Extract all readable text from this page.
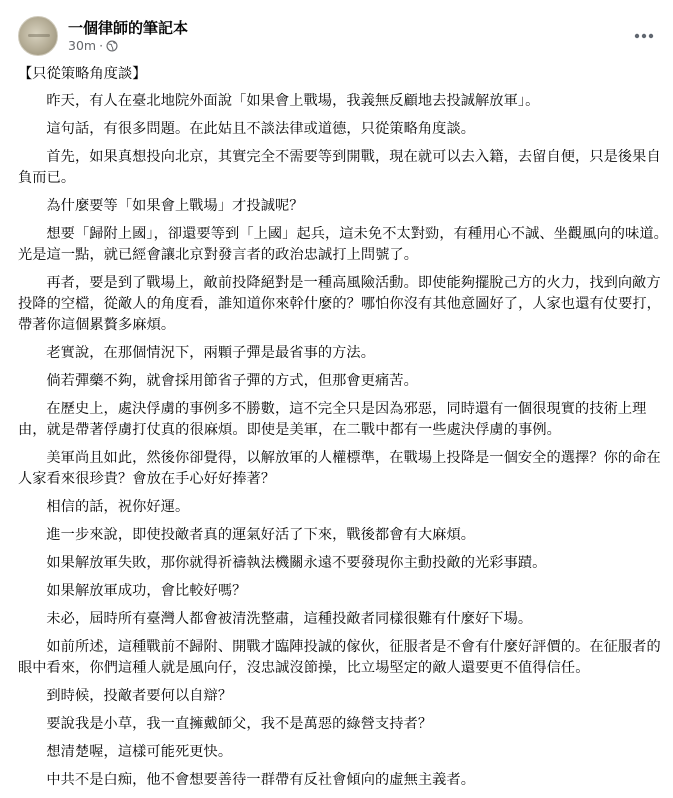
一個律師的筆記本
30m ·

【只從策略角度談】

昨天，有人在臺北地院外面說「如果會上戰場，我義無反顧地去投誠解放軍」。

這句話，有很多問題。在此姑且不談法律或道德，只從策略角度談。

首先，如果真想投向北京，其實完全不需要等到開戰，現在就可以去入籍，去留自便，只是後果自負而已。

為什麼要等「如果會上戰場」才投誠呢？

想要「歸附上國」，卻還要等到「上國」起兵，這未免不太對勁，有種用心不誠、坐觀風向的味道。光是這一點，就已經會讓北京對發言者的政治忠誠打上問號了。

再者，要是到了戰場上，敵前投降絕對是一種高風險活動。即使能夠擺脫己方的火力，找到向敵方投降的空檔，從敵人的角度看，誰知道你來幹什麼的？哪怕你沒有其他意圖好了，人家也還有仗要打，帶著你這個累贅多麻煩。

老實說，在那個情況下，兩顆子彈是最省事的方法。

倘若彈藥不夠，就會採用節省子彈的方式，但那會更痛苦。

在歷史上，處決俘虜的事例多不勝數，這不完全只是因為邪惡，同時還有一個很現實的技術上理由，就是帶著俘虜打仗真的很麻煩。即使是美軍，在二戰中都有一些處決俘虜的事例。

美軍尚且如此，然後你卻覺得，以解放軍的人權標準，在戰場上投降是一個安全的選擇？你的命在人家看來很珍貴？會放在手心好好捧著？

相信的話，祝你好運。

進一步來說，即使投敵者真的運氣好活了下來，戰後都會有大麻煩。

如果解放軍失敗，那你就得祈禱執法機關永遠不要發現你主動投敵的光彩事蹟。

如果解放軍成功，會比較好嗎？

未必，屆時所有臺灣人都會被清洗整肅，這種投敵者同樣很難有什麼好下場。

如前所述，這種戰前不歸附、開戰才臨陣投誠的傢伙，征服者是不會有什麼好評價的。在征服者的眼中看來，你們這種人就是風向仔，沒忠誠沒節操，比立場堅定的敵人還要更不值得信任。

到時候，投敵者要何以自辯？

要說我是小草，我一直擁戴師父，我不是萬惡的綠營支持者？

想清楚喔，這樣可能死更快。

中共不是白痴，他不會想要善待一群帶有反社會傾向的虛無主義者。
